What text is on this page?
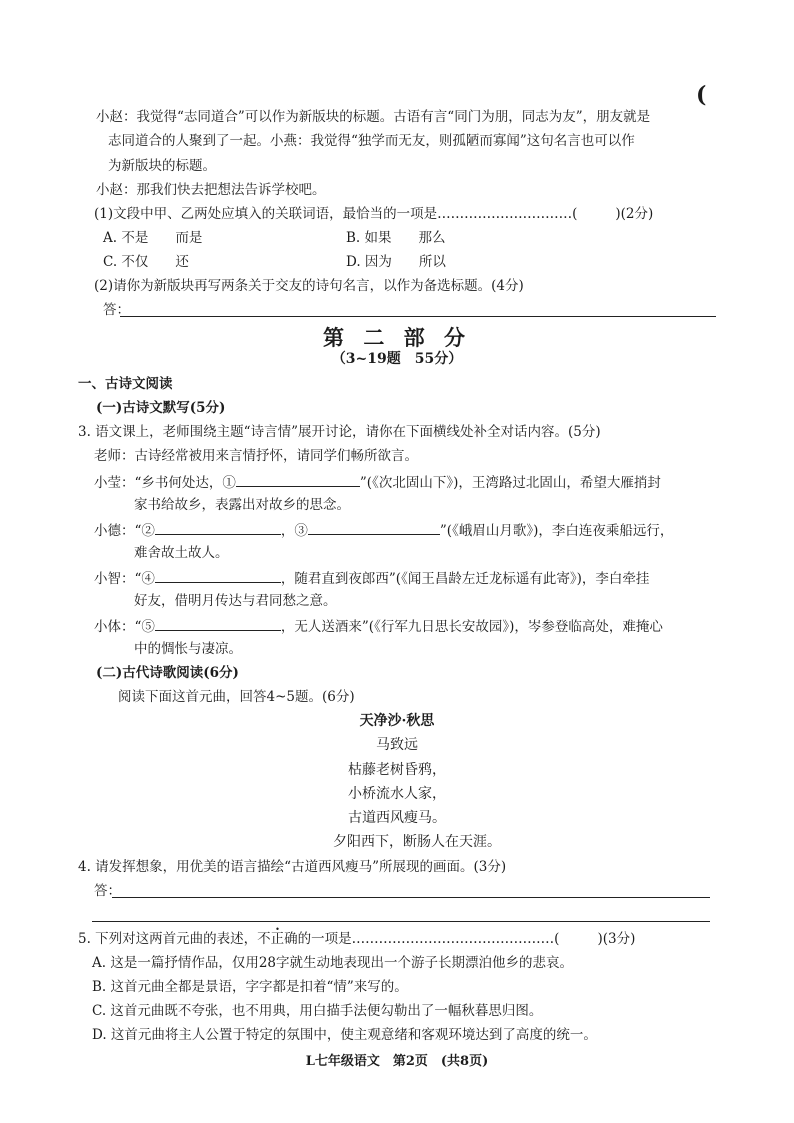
(
小赵：我觉得“志同道合”可以作为新版块的标题。古语有言“同门为朋，同志为友”，朋友就是
志同道合的人聚到了一起。小燕：我觉得“独学而无友，则孤陋而寡闻”这句名言也可以作
为新版块的标题。
小赵：那我们快去把想法告诉学校吧。
(1)文段中甲、乙两处应填入的关联词语，最恰当的一项是…………………………(	)(2分)
A. 不是　　而是	B. 如果　　那么
C. 不仅　　还	D. 因为　　所以
(2)请你为新版块再写两条关于交友的诗句名言，以作为备选标题。(4分)
答：
第 二 部 分
（3~19题　55分）
一、古诗文阅读
(一)古诗文默写(5分)
3. 语文课上，老师围绕主题“诗言情”展开讨论，请你在下面横线处补全对话内容。(5分)
老师：古诗经常被用来言情抒怀，请同学们畅所欲言。
小莹：“乡书何处达，①	”(《次北固山下》)，王湾路过北固山，希望大雁捎封
家书给故乡，表露出对故乡的思念。
小德：“②	，③	”(《峨眉山月歌》)，李白连夜乘船远行，
难舍故土故人。
小智：“④	，随君直到夜郎西”(《闻王昌龄左迁龙标遥有此寄》)，李白牵挂
好友，借明月传达与君同愁之意。
小体：“⑤	，无人送酒来”(《行军九日思长安故园》)，岑参登临高处，难掩心
中的惆怅与凄凉。
(二)古代诗歌阅读(6分)
阅读下面这首元曲，回答4~5题。(6分)
天净沙·秋思
马致远
枯藤老树昏鸦，
小桥流水人家，
古道西风瘦马。
夕阳西下，断肠人在天涯。
4. 请发挥想象，用优美的语言描绘“古道西风瘦马”所展现的画面。(3分)
答：
5. 下列对这两首元曲的表述，不正确的一项是………………………………………(	)(3分)
A. 这是一篇抒情作品，仅用28字就生动地表现出一个游子长期漂泊他乡的悲哀。
B. 这首元曲全都是景语，字字都是扣着“情”来写的。
C. 这首元曲既不夸张，也不用典，用白描手法便勾勒出了一幅秋暮思归图。
D. 这首元曲将主人公置于特定的氛围中，使主观意绪和客观环境达到了高度的统一。
L七年级语文　第2页　(共8页)
